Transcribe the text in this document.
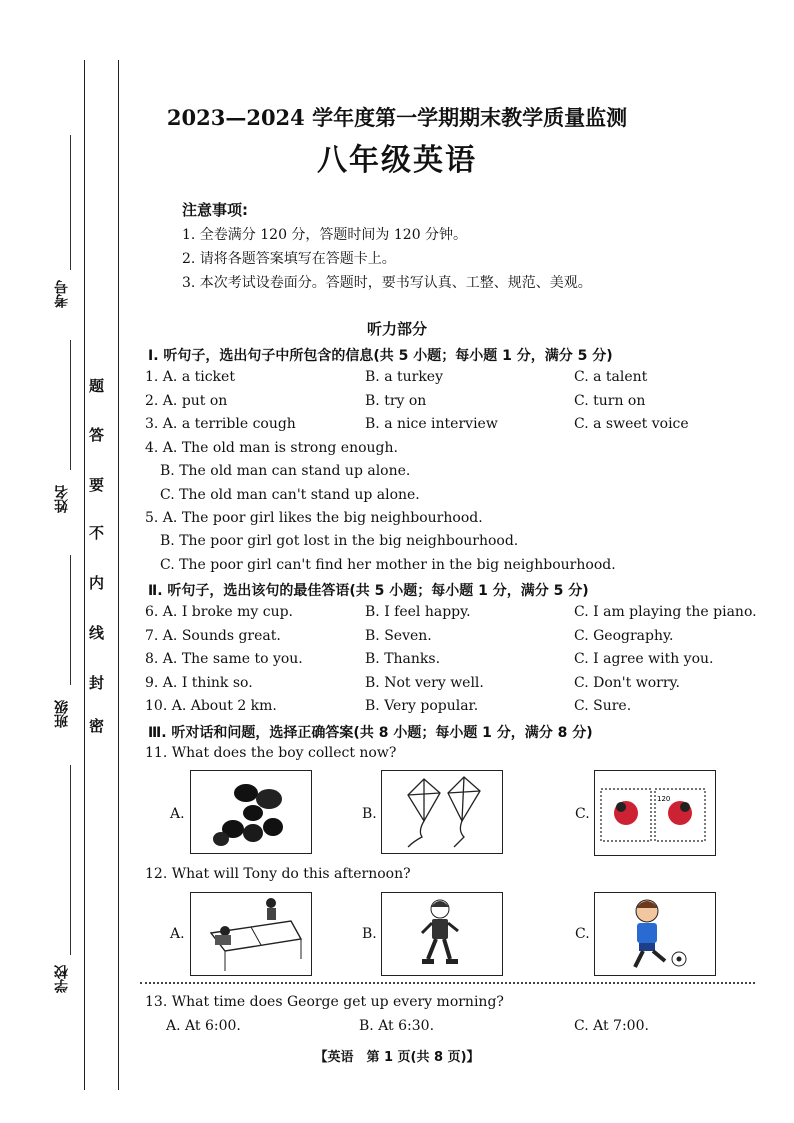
考号
姓名
班级
学校
密
封
线
内
不
要
答
题
2023—2024 学年度第一学期期末教学质量监测
八年级英语
注意事项:
1. 全卷满分 120 分，答题时间为 120 分钟。
2. 请将各题答案填写在答题卡上。
3. 本次考试设卷面分。答题时，要书写认真、工整、规范、美观。
听力部分
Ⅰ. 听句子，选出句子中所包含的信息(共 5 小题；每小题 1 分，满分 5 分)
1. A. a ticket	B. a turkey	C. a talent
2. A. put on	B. try on	C. turn on
3. A. a terrible cough	B. a nice interview	C. a sweet voice
4. A. The old man is strong enough.
B. The old man can stand up alone.
C. The old man can't stand up alone.
5. A. The poor girl likes the big neighbourhood.
B. The poor girl got lost in the big neighbourhood.
C. The poor girl can't find her mother in the big neighbourhood.
Ⅱ. 听句子，选出该句的最佳答语(共 5 小题；每小题 1 分，满分 5 分)
6. A. I broke my cup.	B. I feel happy.	C. I am playing the piano.
7. A. Sounds great.	B. Seven.	C. Geography.
8. A. The same to you.	B. Thanks.	C. I agree with you.
9. A. I think so.	B. Not very well.	C. Don't worry.
10. A. About 2 km.	B. Very popular.	C. Sure.
Ⅲ. 听对话和问题，选择正确答案(共 8 小题；每小题 1 分，满分 8 分)
11. What does the boy collect now?
A.	B.	C.
120
12. What will Tony do this afternoon?
A.	B.	C.
13. What time does George get up every morning?
A. At 6:00.	B. At 6:30.	C. At 7:00.
【英语　第 1 页(共 8 页)】
